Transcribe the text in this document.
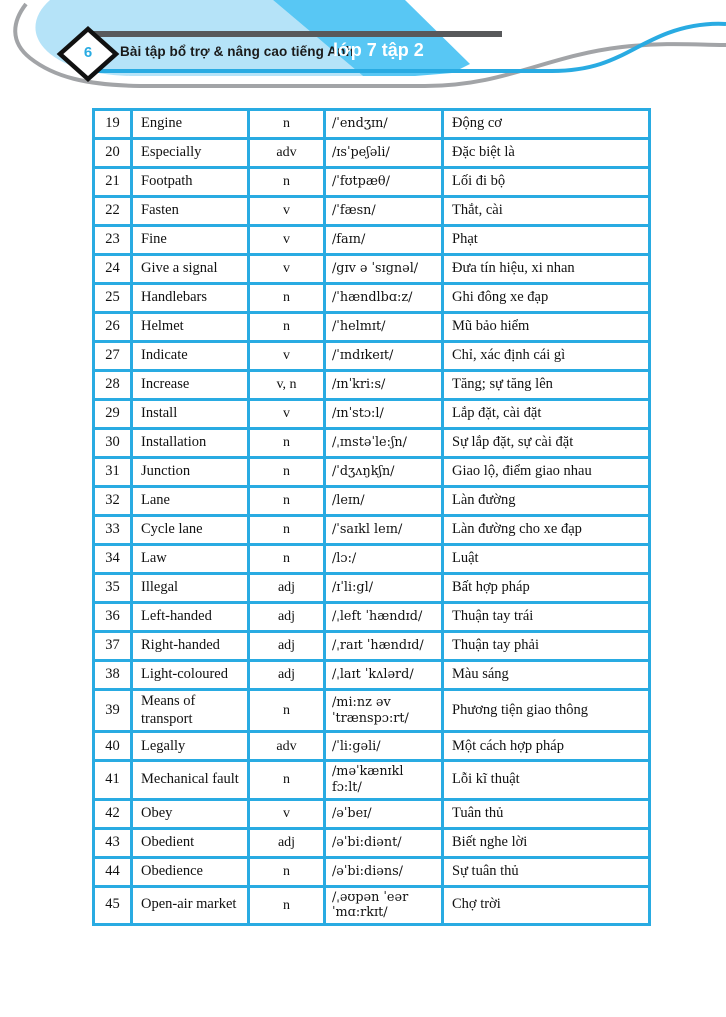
6	Bài tập bổ trợ & nâng cao tiếng Anh
lớp 7 tập 2
19	Engine	n	/ˈendʒɪn/	Động cơ
20	Especially	adv	/ɪsˈpeʃəli/	Đặc biệt là
21	Footpath	n	/ˈfʊtpæθ/	Lối đi bộ
22	Fasten	v	/ˈfæsn/	Thắt, cài
23	Fine	v	/faɪn/	Phạt
24	Give a signal	v	/gɪv ə ˈsɪgnəl/	Đưa tín hiệu, xi nhan
25	Handlebars	n	/ˈhændlbɑ:z/	Ghi đông xe đạp
26	Helmet	n	/ˈhelmɪt/	Mũ bảo hiểm
27	Indicate	v	/ˈɪndɪkeɪt/	Chỉ, xác định cái gì
28	Increase	v, n	/ɪnˈkri:s/	Tăng; sự tăng lên
29	Install	v	/ɪnˈstɔ:l/	Lắp đặt, cài đặt
30	Installation	n	/ˌɪnstəˈle:ʃn/	Sự lắp đặt, sự cài đặt
31	Junction	n	/ˈdʒʌŋkʃn/	Giao lộ, điểm giao nhau
32	Lane	n	/leɪn/	Làn đường
33	Cycle lane	n	/ˈsaɪkl leɪn/	Làn đường cho xe đạp
34	Law	n	/lɔ:/	Luật
35	Illegal	adj	/ɪˈli:gl/	Bất hợp pháp
36	Left-handed	adj	/ˌleft ˈhændɪd/	Thuận tay trái
37	Right-handed	adj	/ˌraɪt ˈhændɪd/	Thuận tay phải
38	Light-coloured	adj	/ˌlaɪt ˈkʌlərd/	Màu sáng
39	Means of transport	n	/mi:nz əv ˈtrænspɔ:rt/	Phương tiện giao thông
40	Legally	adv	/ˈli:gəli/	Một cách hợp pháp
41	Mechanical fault	n	/məˈkænɪkl fɔ:lt/	Lỗi kĩ thuật
42	Obey	v	/əˈbeɪ/	Tuân thủ
43	Obedient	adj	/əˈbi:diənt/	Biết nghe lời
44	Obedience	n	/əˈbi:diəns/	Sự tuân thủ
45	Open-air market	n	/ˌəʊpən ˈeər ˈmɑ:rkɪt/	Chợ trời
